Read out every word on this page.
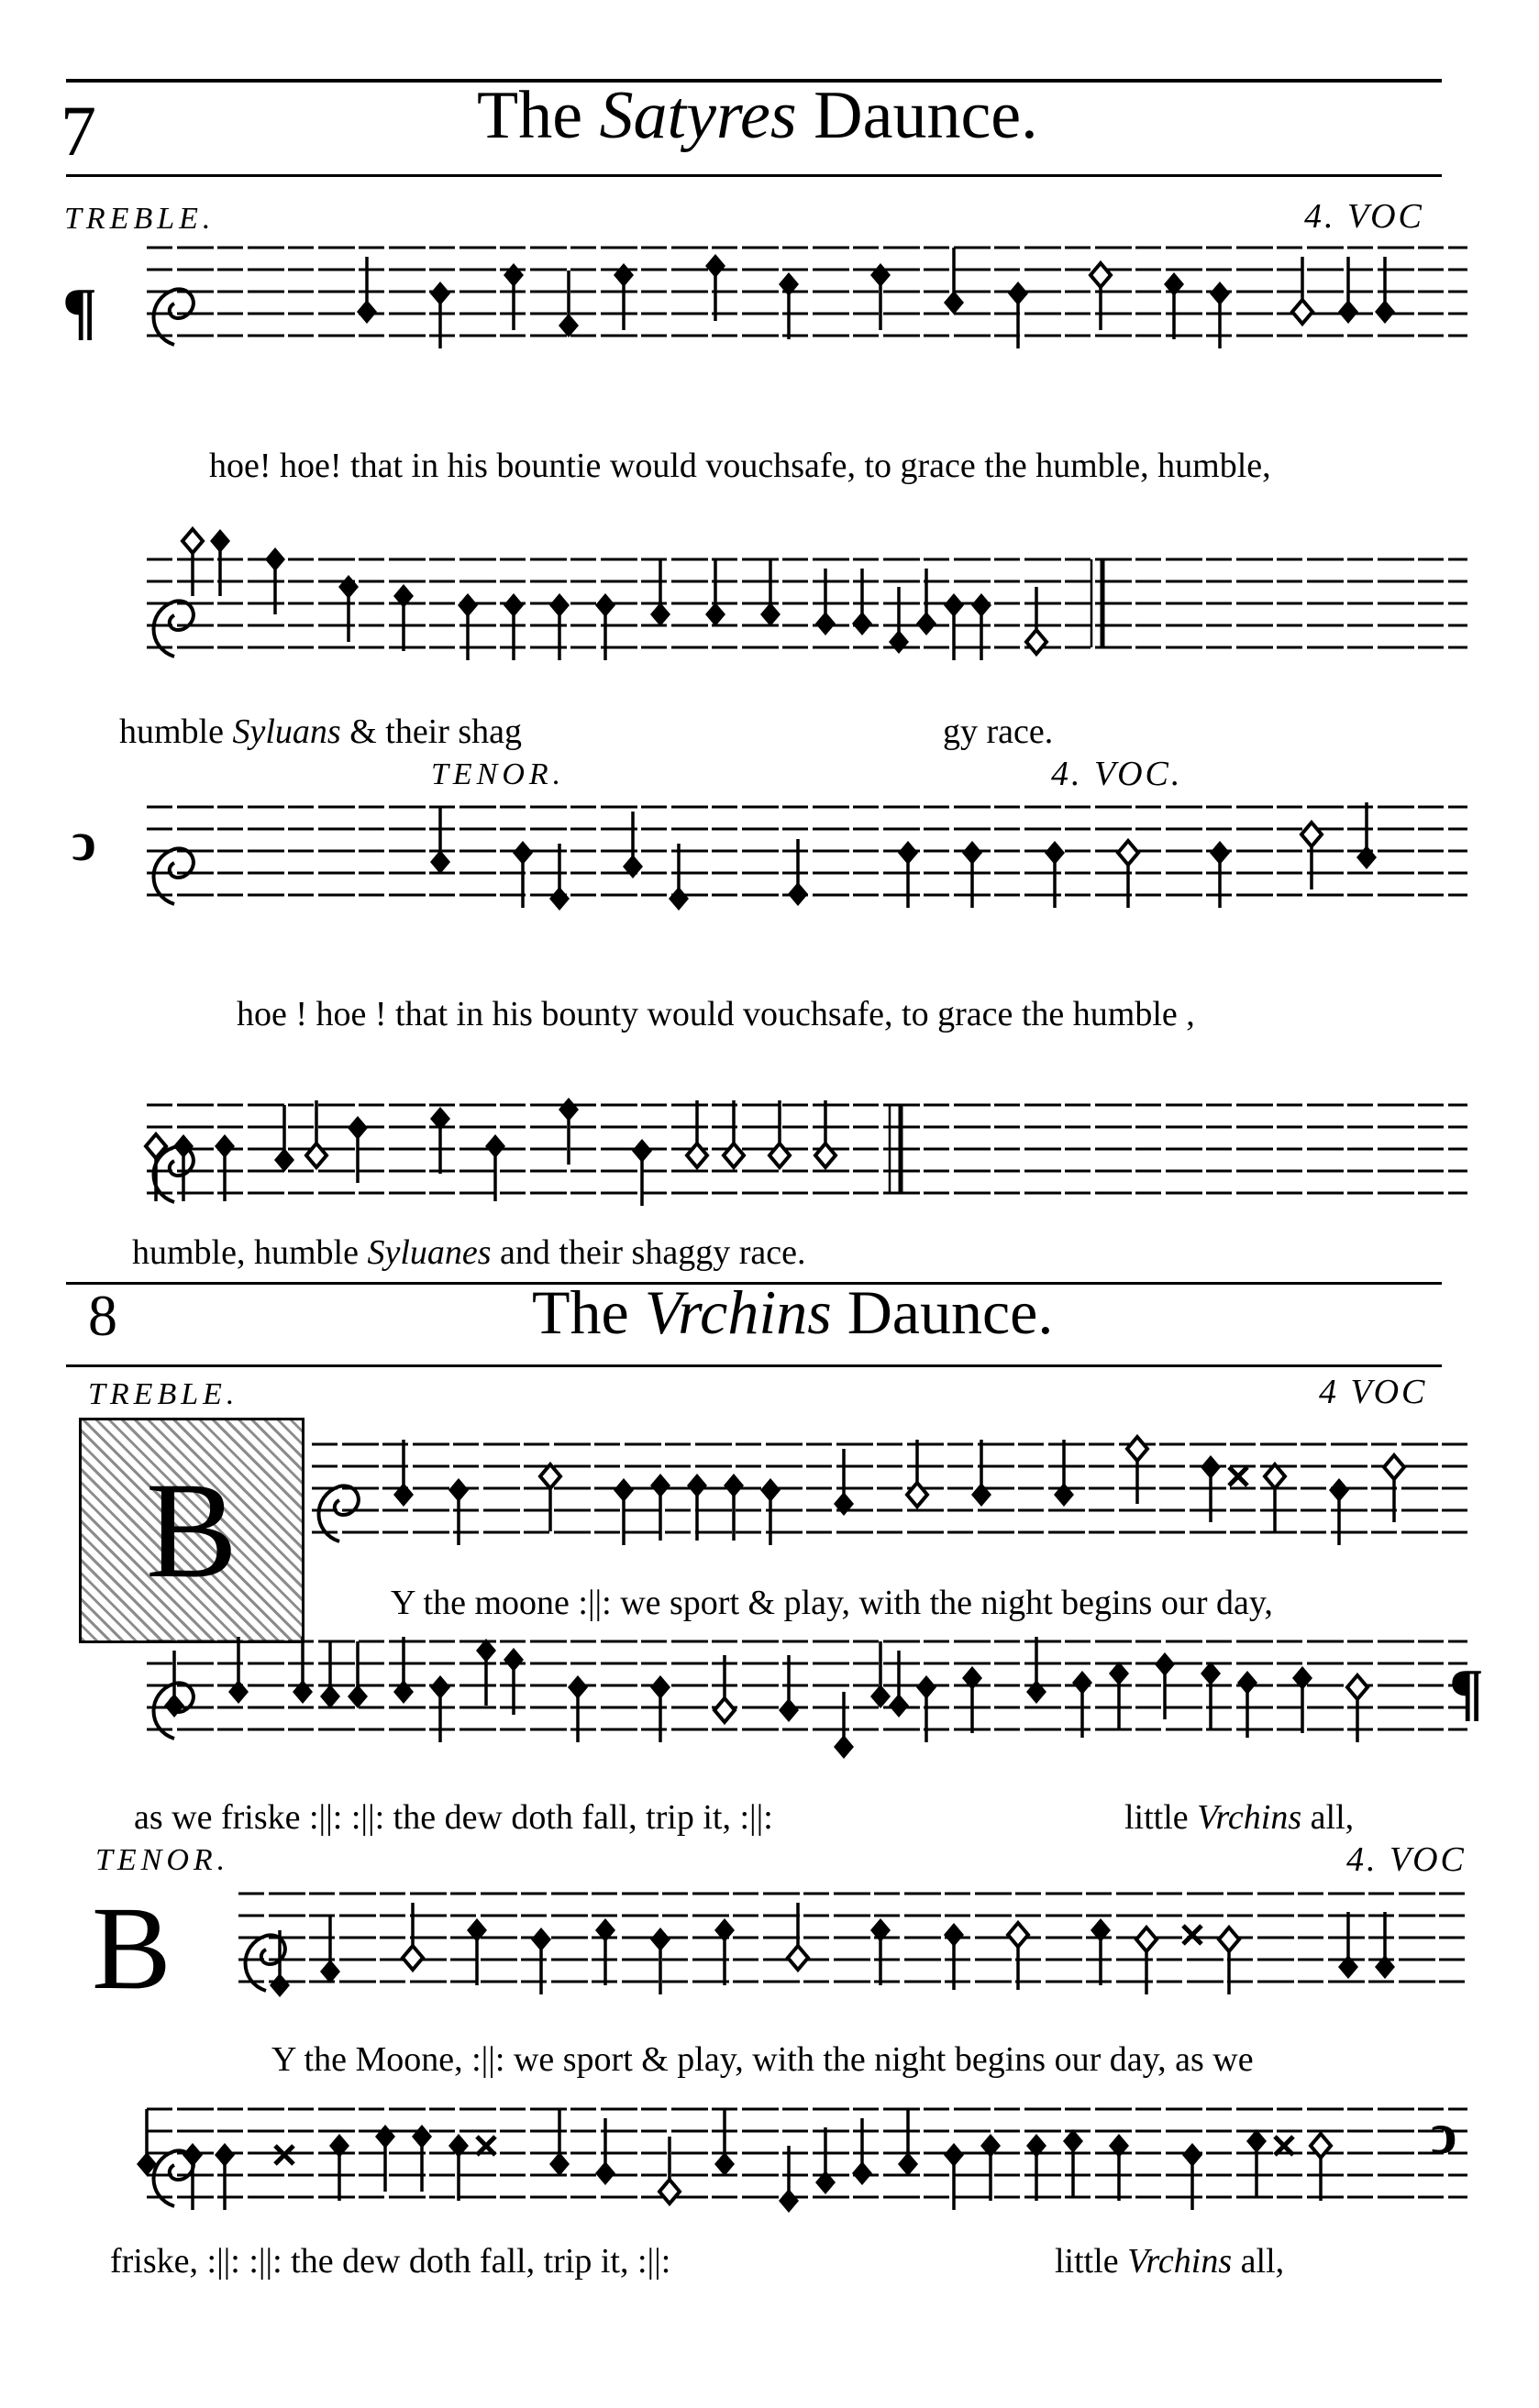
7	The Satyres Daunce.
TREBLE.	4. VOC
¶
hoe! hoe! that in his bountie would vouchsafe, to grace the humble, humble,
humble Syluans & their shag	gy race.
TENOR.	4. VOC.
ↄ
hoe ! hoe ! that in his bounty would vouchsafe, to grace the humble ,
humble, humble Syluanes and their shaggy race.
8	The Vrchins Daunce.
TREBLE.	4 VOC
B	Y the moone :||: we sport & play, with the night begins our day,
¶
as we friske :||: :||: the dew doth fall, trip it, :||:	little Vrchins all,
TENOR.	4. VOC
B
Y the Moone, :||: we sport & play, with the night begins our day, as we
ↄ
friske, :||: :||: the dew doth fall, trip it, :||:	little Vrchins all,
